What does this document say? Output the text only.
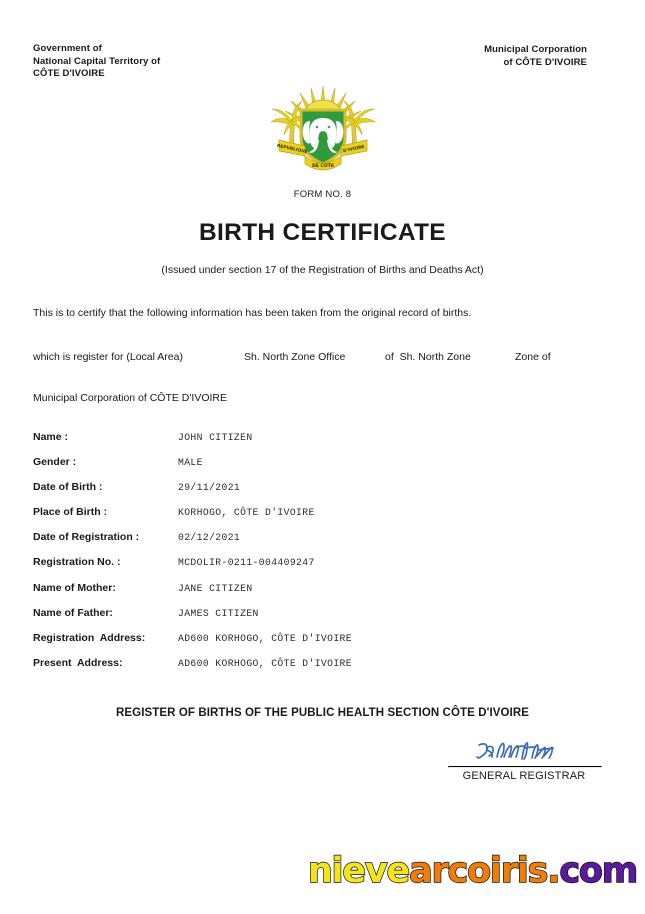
Government of
National Capital Territory of
CÔTE D'IVOIRE
Municipal Corporation
of CÔTE D'IVOIRE
REPUBLIQUE	D'IVOIRE
DE COTE
FORM NO. 8
BIRTH CERTIFICATE
(Issued under section 17 of the Registration of Births and Deaths Act)
This is to certify that the following information has been taken from the original record of births.
which is register for (Local Area)	Sh. North Zone Office	of  Sh. North Zone	Zone of
Municipal Corporation of CÔTE D'IVOIRE
Name :	JOHN CITIZEN
Gender :	MALE
Date of Birth :	29/11/2021
Place of Birth :	KORHOGO, CÔTE D'IVOIRE
Date of Registration :	02/12/2021
Registration No. :	MCDOLIR-0211-004409247
Name of Mother:	JANE CITIZEN
Name of Father:	JAMES CITIZEN
Registration  Address:	AD600 KORHOGO, CÔTE D'IVOIRE
Present  Address:	AD600 KORHOGO, CÔTE D'IVOIRE
REGISTER OF BIRTHS OF THE PUBLIC HEALTH SECTION CÔTE D'IVOIRE
GENERAL REGISTRAR
nievearcoiris.com
